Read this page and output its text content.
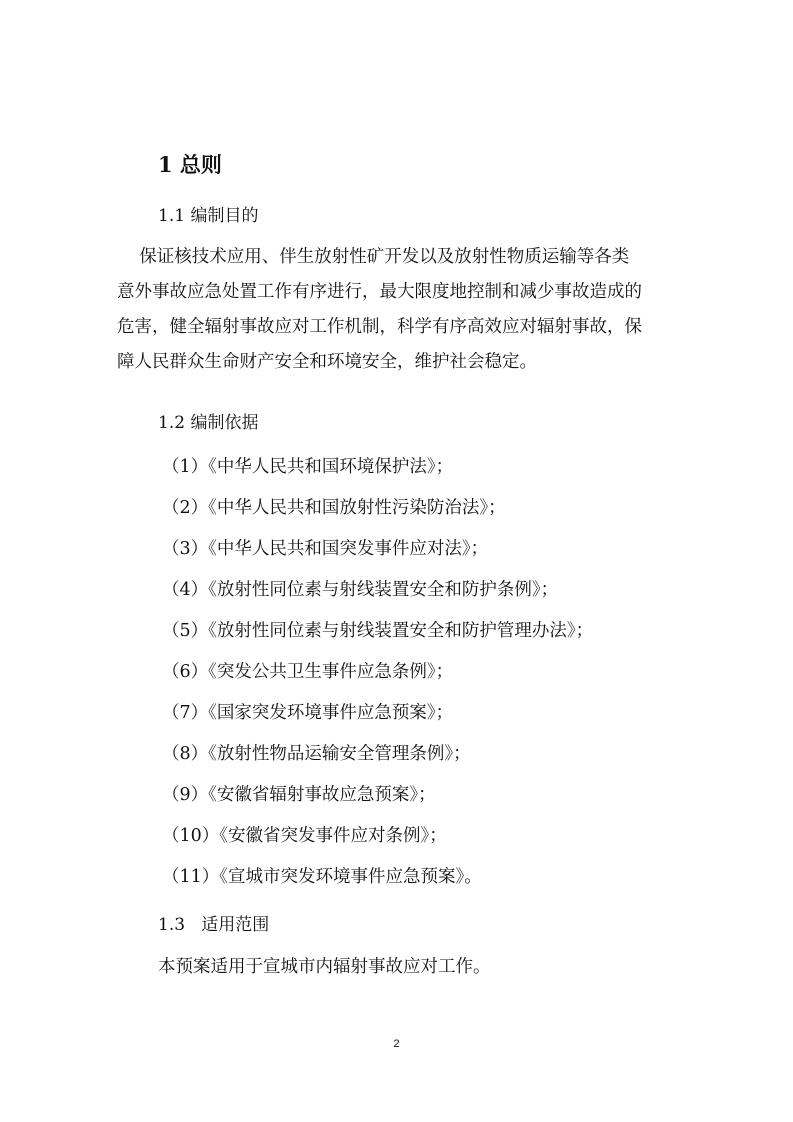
1 总则
1.1 编制目的
保证核技术应用、伴生放射性矿开发以及放射性物质运输等各类
意外事故应急处置工作有序进行，最大限度地控制和减少事故造成的
危害，健全辐射事故应对工作机制，科学有序高效应对辐射事故，保
障人民群众生命财产安全和环境安全，维护社会稳定。
1.2 编制依据
（1）《中华人民共和国环境保护法》；
（2）《中华人民共和国放射性污染防治法》；
（3）《中华人民共和国突发事件应对法》；
（4）《放射性同位素与射线装置安全和防护条例》；
（5）《放射性同位素与射线装置安全和防护管理办法》；
（6）《突发公共卫生事件应急条例》；
（7）《国家突发环境事件应急预案》；
（8）《放射性物品运输安全管理条例》；
（9）《安徽省辐射事故应急预案》；
（10）《安徽省突发事件应对条例》；
（11）《宣城市突发环境事件应急预案》。
1.3   适用范围
本预案适用于宣城市内辐射事故应对工作。
2
